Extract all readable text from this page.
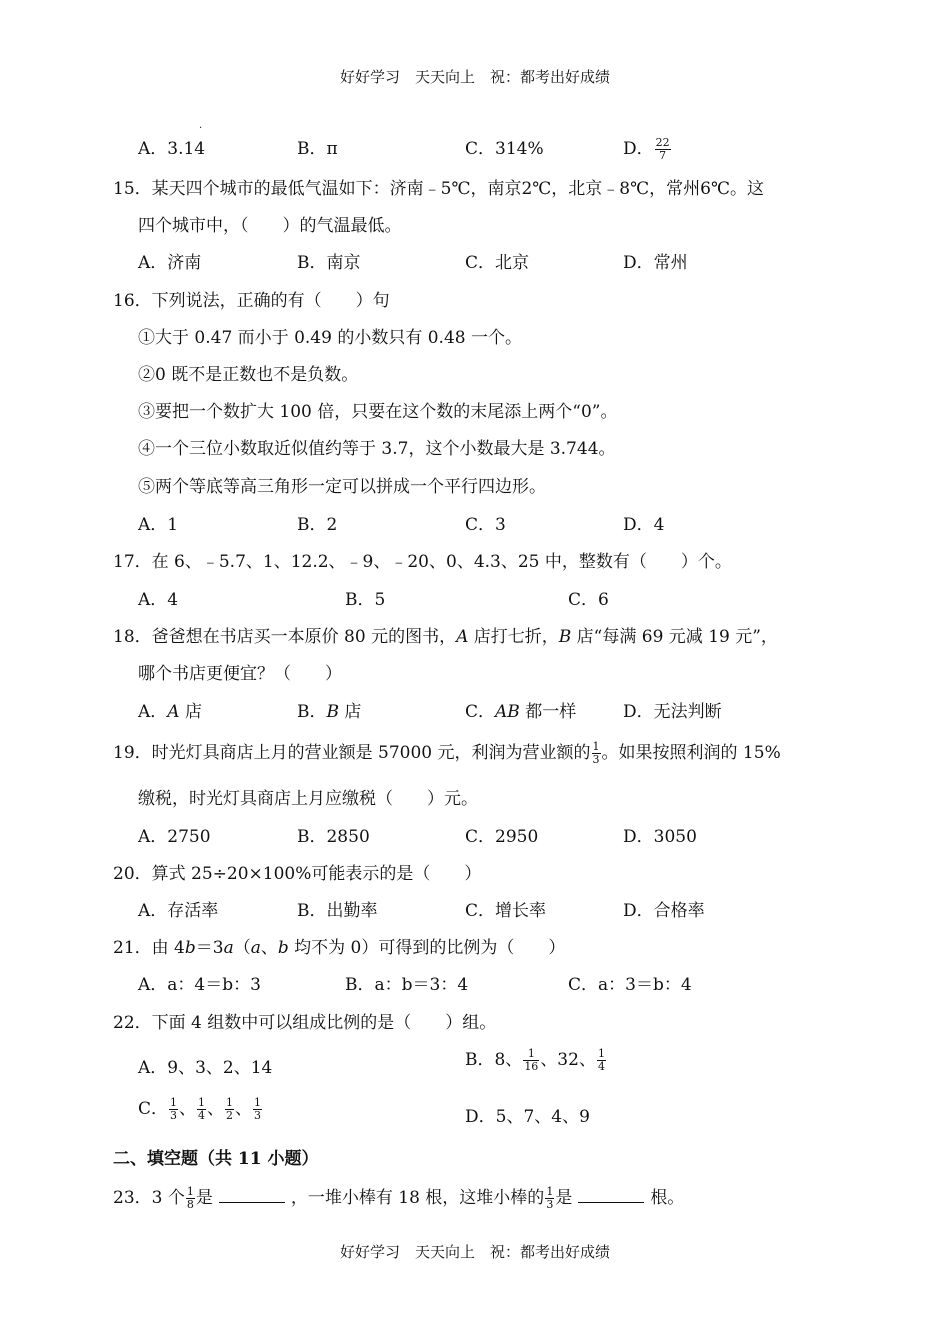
好好学习　天天向上　祝：都考出好成绩
.
A．3.14	B．π	C．314%	D． $\frac{22}{7}$
15．某天四个城市的最低气温如下：济南﹣5℃，南京2℃，北京﹣8℃，常州6℃。这
四个城市中，（　　）的气温最低。
A．济南	B．南京	C．北京	D．常州
16．下列说法，正确的有（　　）句
①大于 0.47 而小于 0.49 的小数只有 0.48 一个。
②0 既不是正数也不是负数。
③要把一个数扩大 100 倍，只要在这个数的末尾添上两个“0”。
④一个三位小数取近似值约等于 3.7，这个小数最大是 3.744。
⑤两个等底等高三角形一定可以拼成一个平行四边形。
A．1	B．2	C．3	D．4
17．在 6、﹣5.7、1、12.2、﹣9、﹣20、0、4.3、25 中，整数有（　　）个。
A．4	B．5	C．6
18．爸爸想在书店买一本原价 80 元的图书，A 店打七折，B 店“每满 69 元减 19 元”，
哪个书店更便宜？（　　）
A．A 店	B．B 店	C．AB 都一样	D．无法判断
19．时光灯具商店上月的营业额是 57000 元，利润为营业额的 $\frac{1}{3}$ 。如果按照利润的 15%
缴税，时光灯具商店上月应缴税（　　）元。
A．2750	B．2850	C．2950	D．3050
20．算式 25÷20×100%可能表示的是（　　）
A．存活率	B．出勤率	C．增长率	D．合格率
21．由 4b＝3a（a、b 均不为 0）可得到的比例为（　　）
A．a：4＝b：3	B．a：b＝3：4	C．a：3＝b：4
22．下面 4 组数中可以组成比例的是（　　）组。
A．9、3、2、14	B．8、 $\frac{1}{16}$ 、32、 $\frac{1}{4}$
C． $\frac{1}{3}$ 、 $\frac{1}{4}$ 、 $\frac{1}{2}$ 、 $\frac{1}{3}$	D．5、7、4、9
二、填空题（共 11 小题）
23．3 个 $\frac{1}{8}$ 是	，一堆小棒有 18 根，这堆小棒的 $\frac{1}{3}$ 是	根。
好好学习　天天向上　祝：都考出好成绩
